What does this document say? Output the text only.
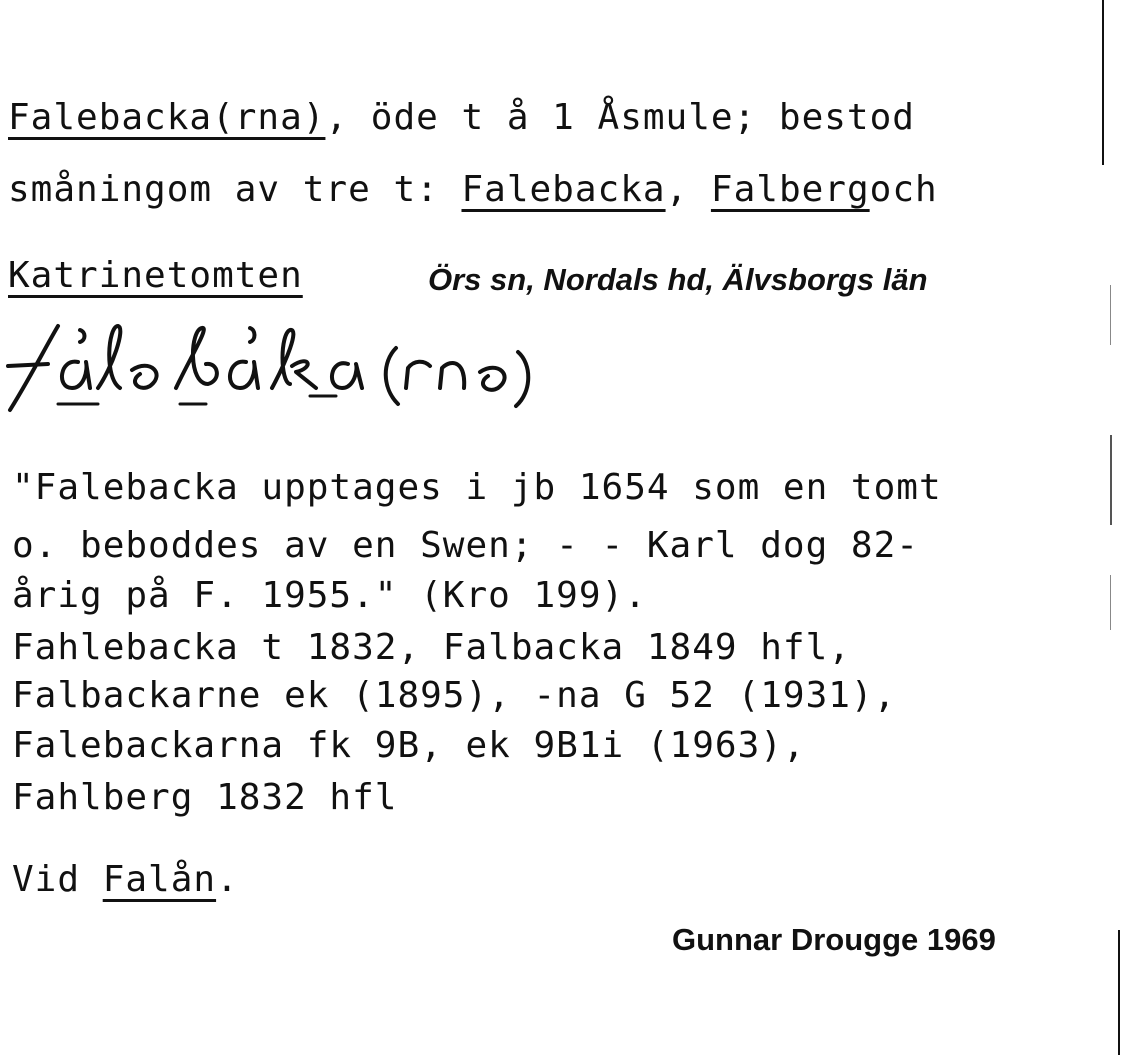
Falebacka(rna), öde t å 1 Åsmule; bestod
småningom av tre t: Falebacka, Falbergoch
Katrinetomten	Örs sn, Nordals hd, Älvsborgs län
"Falebacka upptages i jb 1654 som en tomt
o. beboddes av en Swen; - - Karl dog 82-
årig på F. 1955." (Kro 199).
Fahlebacka t 1832, Falbacka 1849 hfl,
Falbackarne ek (1895), -na G 52 (1931),
Falebackarna fk 9B, ek 9B1i (1963),
Fahlberg 1832 hfl
Vid Falån.
Gunnar Drougge 1969
